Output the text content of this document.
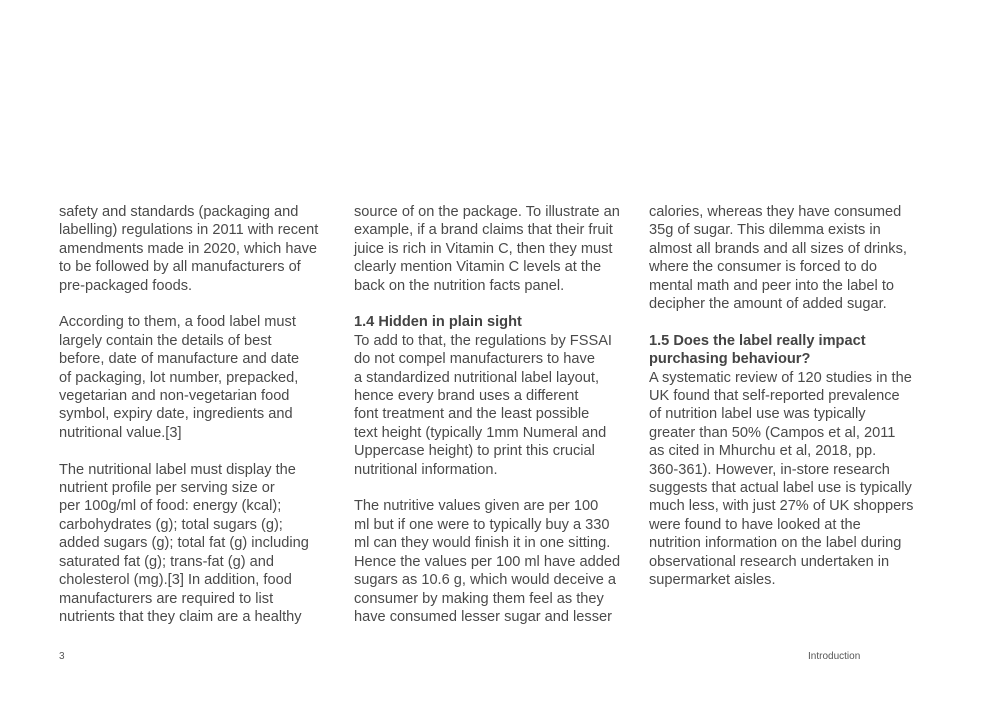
safety and standards (packaging and
labelling) regulations in 2011 with recent
amendments made in 2020, which have
to be followed by all manufacturers of
pre-packaged foods.

According to them, a food label must
largely contain the details of best
before, date of manufacture and date
of packaging, lot number, prepacked,
vegetarian and non-vegetarian food
symbol, expiry date, ingredients and
nutritional value.[3]

The nutritional label must display the
nutrient profile per serving size or
per 100g/ml of food: energy (kcal);
carbohydrates (g); total sugars (g);
added sugars (g); total fat (g) including
saturated fat (g); trans-fat (g) and
cholesterol (mg).[3] In addition, food
manufacturers are required to list
nutrients that they claim are a healthy

source of on the package. To illustrate an
example, if a brand claims that their fruit
juice is rich in Vitamin C, then they must
clearly mention Vitamin C levels at the
back on the nutrition facts panel.

1.4 Hidden in plain sight

To add to that, the regulations by FSSAI
do not compel manufacturers to have
a standardized nutritional label layout,
hence every brand uses a different
font treatment and the least possible
text height (typically 1mm Numeral and
Uppercase height) to print this crucial
nutritional information.

The nutritive values given are per 100
ml but if one were to typically buy a 330
ml can they would finish it in one sitting.
Hence the values per 100 ml have added
sugars as 10.6 g, which would deceive a
consumer by making them feel as they
have consumed lesser sugar and lesser

calories, whereas they have consumed
35g of sugar. This dilemma exists in
almost all brands and all sizes of drinks,
where the consumer is forced to do
mental math and peer into the label to
decipher the amount of added sugar.

1.5 Does the label really impact
purchasing behaviour?

A systematic review of 120 studies in the
UK found that self-reported prevalence
of nutrition label use was typically
greater than 50% (Campos et al, 2011
as cited in Mhurchu et al, 2018, pp.
360-361). However, in-store research
suggests that actual label use is typically
much less, with just 27% of UK shoppers
were found to have looked at the
nutrition information on the label during
observational research undertaken in
supermarket aisles.

3	Introduction
